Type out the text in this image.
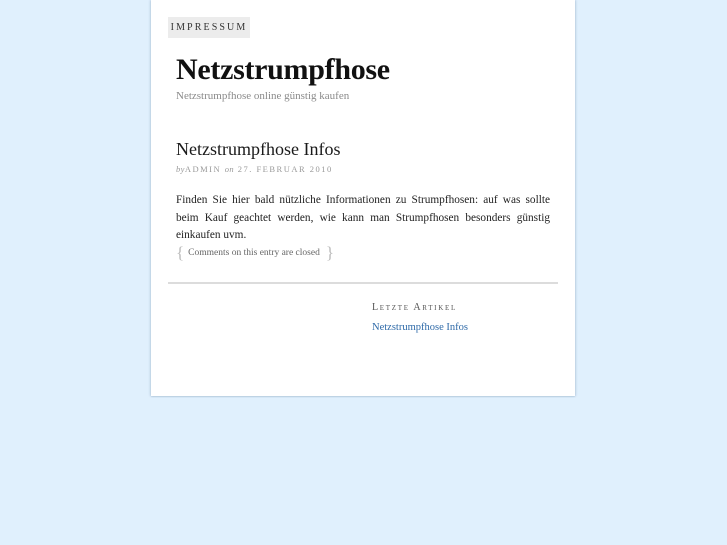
IMPRESSUM
Netzstrumpfhose
Netzstrumpfhose online günstig kaufen
Netzstrumpfhose Infos
byADMIN on 27. FEBRUAR 2010

Finden Sie hier bald nützliche Informationen zu Strumpfhosen: auf was sollte beim Kauf geachtet werden, wie kann man Strumpfhosen besonders günstig einkaufen uvm.

{ Comments on this entry are closed }
Letzte Artikel
Netzstrumpfhose Infos
